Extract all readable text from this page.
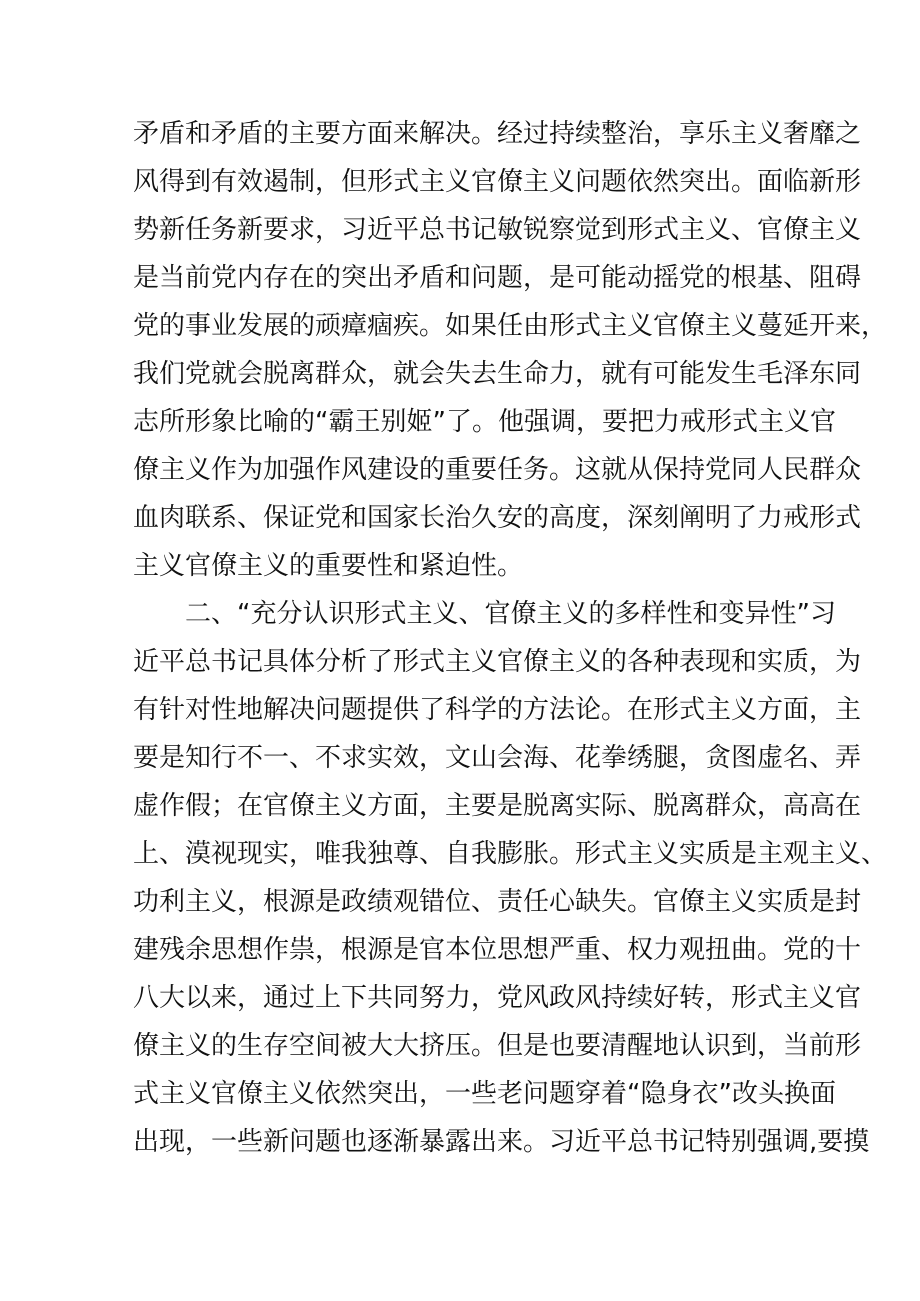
矛盾和矛盾的主要方面来解决。经过持续整治，享乐主义奢靡之
风得到有效遏制，但形式主义官僚主义问题依然突出。面临新形
势新任务新要求，习近平总书记敏锐察觉到形式主义、官僚主义
是当前党内存在的突出矛盾和问题，是可能动摇党的根基、阻碍
党的事业发展的顽瘴痼疾。如果任由形式主义官僚主义蔓延开来，
我们党就会脱离群众，就会失去生命力，就有可能发生毛泽东同
志所形象比喻的“霸王别姬”了。他强调，要把力戒形式主义官
僚主义作为加强作风建设的重要任务。这就从保持党同人民群众
血肉联系、保证党和国家长治久安的高度，深刻阐明了力戒形式
主义官僚主义的重要性和紧迫性。
二、“充分认识形式主义、官僚主义的多样性和变异性”习
近平总书记具体分析了形式主义官僚主义的各种表现和实质，为
有针对性地解决问题提供了科学的方法论。在形式主义方面，主
要是知行不一、不求实效，文山会海、花拳绣腿，贪图虚名、弄
虚作假；在官僚主义方面，主要是脱离实际、脱离群众，高高在
上、漠视现实，唯我独尊、自我膨胀。形式主义实质是主观主义、
功利主义，根源是政绩观错位、责任心缺失。官僚主义实质是封
建残余思想作祟，根源是官本位思想严重、权力观扭曲。党的十
八大以来，通过上下共同努力，党风政风持续好转，形式主义官
僚主义的生存空间被大大挤压。但是也要清醒地认识到，当前形
式主义官僚主义依然突出，一些老问题穿着“隐身衣”改头换面
出现，一些新问题也逐渐暴露出来。习近平总书记特别强调,要摸
